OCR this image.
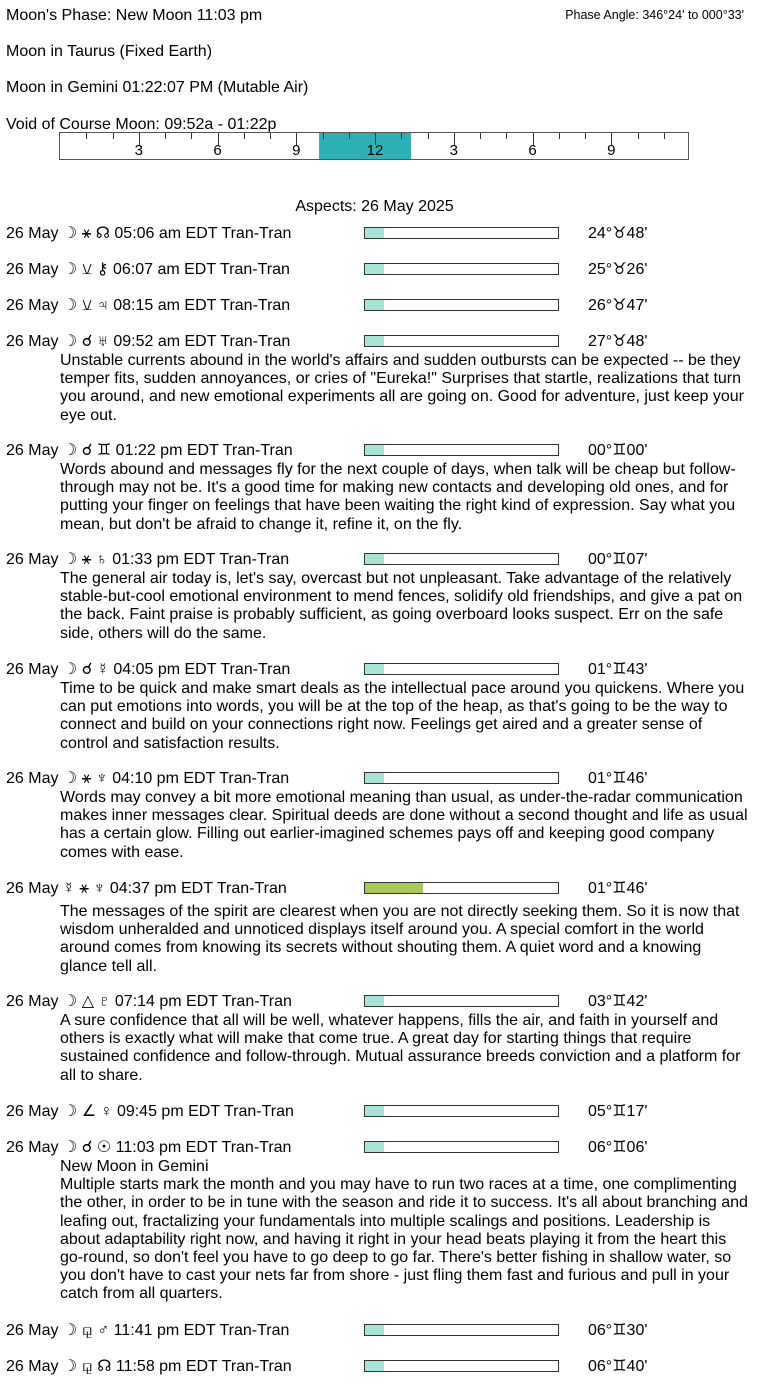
Moon's Phase: New Moon 11:03 pm	Phase Angle: 346°24' to 000°33'
Moon in Taurus (Fixed Earth)
Moon in Gemini 01:22:07 PM (Mutable Air)
Void of Course Moon: 09:52a - 01:22p
3	6	9	12	3	6	9
Aspects: 26 May 2025
26 May ☽ ⚹ ☊ 05:06 am EDT Tran-Tran	24°♉48'
26 May ☽ ⚺ ⚷ 06:07 am EDT Tran-Tran	25°♉26'
26 May ☽ ⚺ ♃ 08:15 am EDT Tran-Tran	26°♉47'
26 May ☽ ☌ ♅ 09:52 am EDT Tran-Tran	27°♉48'
Unstable currents abound in the world's affairs and sudden outbursts can be expected -- be they temper fits, sudden annoyances, or cries of "Eureka!" Surprises that startle, realizations that turn you around, and new emotional experiments all are going on. Good for adventure, just keep your eye out.
26 May ☽ ☌ ♊ 01:22 pm EDT Tran-Tran	00°♊00'
Words abound and messages fly for the next couple of days, when talk will be cheap but follow-through may not be. It's a good time for making new contacts and developing old ones, and for putting your finger on feelings that have been waiting the right kind of expression. Say what you mean, but don't be afraid to change it, refine it, on the fly.
26 May ☽ ⚹ ♄ 01:33 pm EDT Tran-Tran	00°♊07'
The general air today is, let's say, overcast but not unpleasant. Take advantage of the relatively stable-but-cool emotional environment to mend fences, solidify old friendships, and give a pat on the back. Faint praise is probably sufficient, as going overboard looks suspect. Err on the safe side, others will do the same.
26 May ☽ ☌ ☿ 04:05 pm EDT Tran-Tran	01°♊43'
Time to be quick and make smart deals as the intellectual pace around you quickens. Where you can put emotions into words, you will be at the top of the heap, as that's going to be the way to connect and build on your connections right now. Feelings get aired and a greater sense of control and satisfaction results.
26 May ☽ ⚹ ♆ 04:10 pm EDT Tran-Tran	01°♊46'
Words may convey a bit more emotional meaning than usual, as under-the-radar communication makes inner messages clear. Spiritual deeds are done without a second thought and life as usual has a certain glow. Filling out earlier-imagined schemes pays off and keeping good company comes with ease.
26 May ☿ ⚹ ♆ 04:37 pm EDT Tran-Tran	01°♊46'
The messages of the spirit are clearest when you are not directly seeking them. So it is now that wisdom unheralded and unnoticed displays itself around you. A special comfort in the world around comes from knowing its secrets without shouting them. A quiet word and a knowing glance tell all.
26 May ☽ △ ♇ 07:14 pm EDT Tran-Tran	03°♊42'
A sure confidence that all will be well, whatever happens, fills the air, and faith in yourself and others is exactly what will make that come true. A great day for starting things that require sustained confidence and follow-through. Mutual assurance breeds conviction and a platform for all to share.
26 May ☽ ∠ ♀ 09:45 pm EDT Tran-Tran	05°♊17'
26 May ☽ ☌ ☉ 11:03 pm EDT Tran-Tran	06°♊06'
New Moon in Gemini
Multiple starts mark the month and you may have to run two races at a time, one complimenting the other, in order to be in tune with the season and ride it to success. It's all about branching and leafing out, fractalizing your fundamentals into multiple scalings and positions. Leadership is about adaptability right now, and having it right in your head beats playing it from the heart this go-round, so don't feel you have to go deep to go far. There's better fishing in shallow water, so you don't have to cast your nets far from shore - just fling them fast and furious and pull in your catch from all quarters.
26 May ☽ ⚼ ♂ 11:41 pm EDT Tran-Tran	06°♊30'
26 May ☽ ⚼ ☊ 11:58 pm EDT Tran-Tran	06°♊40'
